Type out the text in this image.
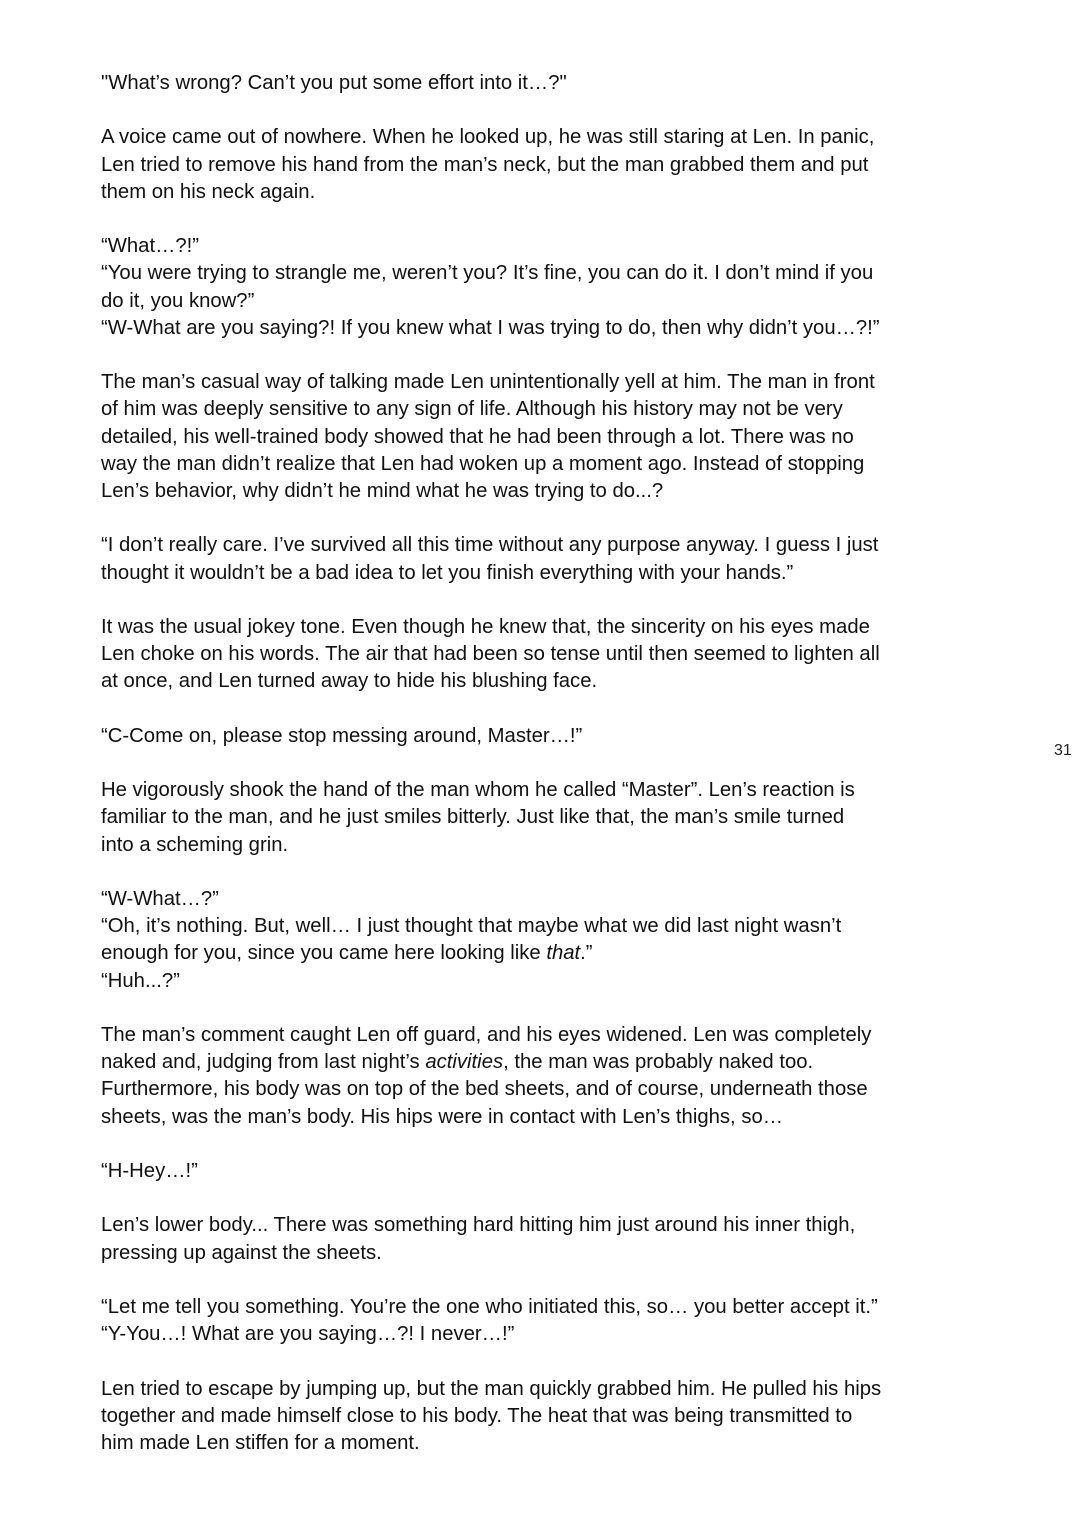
"What’s wrong? Can’t you put some effort into it…?"
A voice came out of nowhere. When he looked up, he was still staring at Len. In panic,
Len tried to remove his hand from the man’s neck, but the man grabbed them and put
them on his neck again.
“What…?!”
“You were trying to strangle me, weren’t you? It’s fine, you can do it. I don’t mind if you
do it, you know?”
“W-What are you saying?! If you knew what I was trying to do, then why didn’t you…?!”
The man’s casual way of talking made Len unintentionally yell at him. The man in front
of him was deeply sensitive to any sign of life. Although his history may not be very
detailed, his well-trained body showed that he had been through a lot. There was no
way the man didn’t realize that Len had woken up a moment ago. Instead of stopping
Len’s behavior, why didn’t he mind what he was trying to do...?
“I don’t really care. I’ve survived all this time without any purpose anyway. I guess I just
thought it wouldn’t be a bad idea to let you finish everything with your hands.”
It was the usual jokey tone. Even though he knew that, the sincerity on his eyes made
Len choke on his words. The air that had been so tense until then seemed to lighten all
at once, and Len turned away to hide his blushing face.
“C-Come on, please stop messing around, Master…!”
He vigorously shook the hand of the man whom he called “Master”. Len’s reaction is
familiar to the man, and he just smiles bitterly. Just like that, the man’s smile turned
into a scheming grin.
“W-What…?”
“Oh, it’s nothing. But, well… I just thought that maybe what we did last night wasn’t
enough for you, since you came here looking like that.”
“Huh...?”
The man’s comment caught Len off guard, and his eyes widened. Len was completely
naked and, judging from last night’s activities, the man was probably naked too.
Furthermore, his body was on top of the bed sheets, and of course, underneath those
sheets, was the man’s body. His hips were in contact with Len’s thighs, so…
“H-Hey…!”
Len’s lower body... There was something hard hitting him just around his inner thigh,
pressing up against the sheets.
“Let me tell you something. You’re the one who initiated this, so… you better accept it.”
“Y-You…! What are you saying…?! I never…!”
Len tried to escape by jumping up, but the man quickly grabbed him. He pulled his hips
together and made himself close to his body. The heat that was being transmitted to
him made Len stiffen for a moment.
31
